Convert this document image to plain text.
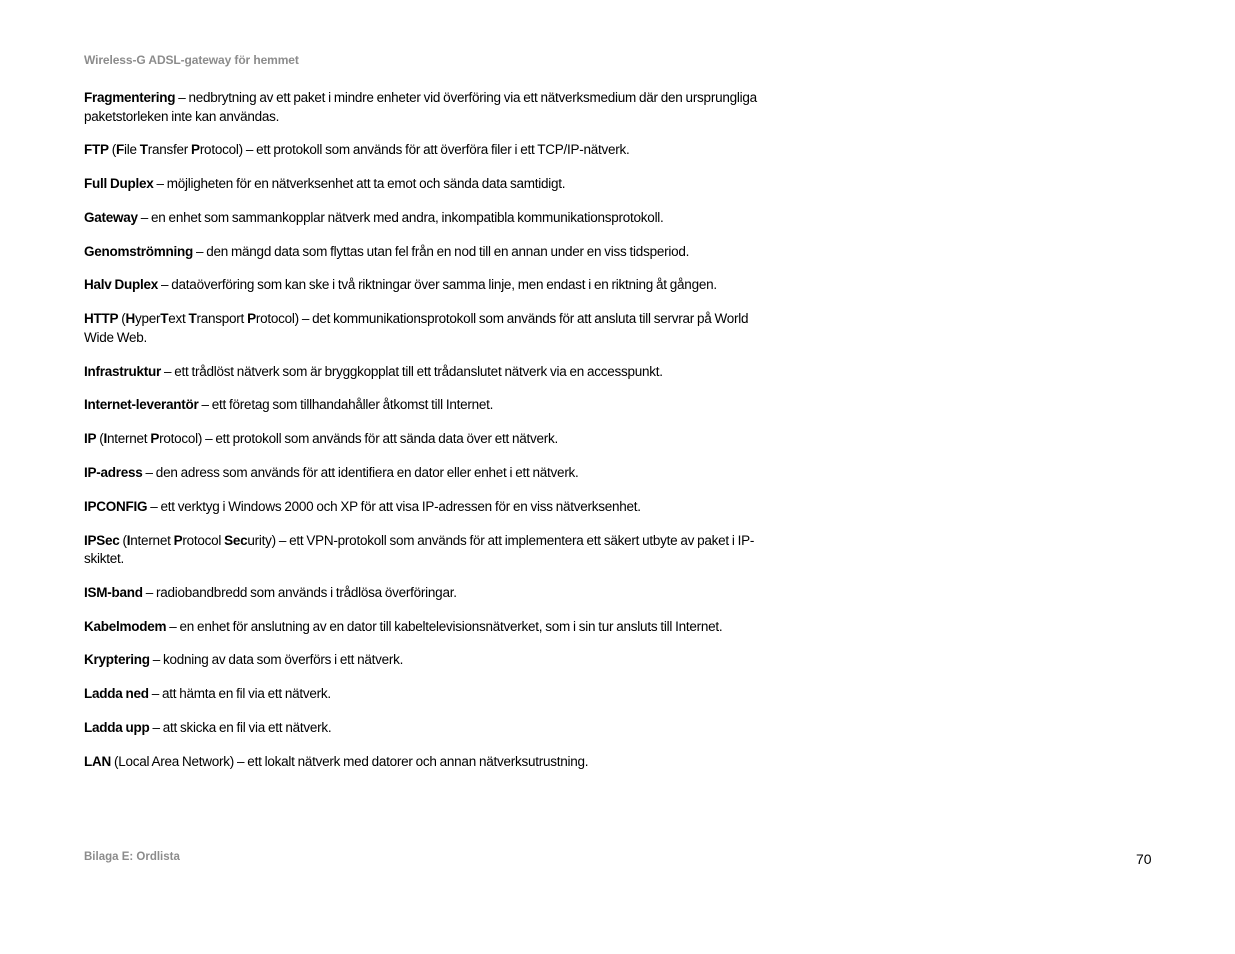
Wireless-G ADSL-gateway för hemmet

Fragmentering – nedbrytning av ett paket i mindre enheter vid överföring via ett nätverksmedium där den ursprungliga paketstorleken inte kan användas.

FTP (File Transfer Protocol) – ett protokoll som används för att överföra filer i ett TCP/IP-nätverk.

Full Duplex – möjligheten för en nätverksenhet att ta emot och sända data samtidigt.

Gateway – en enhet som sammankopplar nätverk med andra, inkompatibla kommunikationsprotokoll.

Genomströmning – den mängd data som flyttas utan fel från en nod till en annan under en viss tidsperiod.

Halv Duplex – dataöverföring som kan ske i två riktningar över samma linje, men endast i en riktning åt gången.

HTTP (HyperText Transport Protocol) – det kommunikationsprotokoll som används för att ansluta till servrar på World Wide Web.

Infrastruktur – ett trådlöst nätverk som är bryggkopplat till ett trådanslutet nätverk via en accesspunkt.

Internet-leverantör – ett företag som tillhandahåller åtkomst till Internet.

IP (Internet Protocol) – ett protokoll som används för att sända data över ett nätverk.

IP-adress – den adress som används för att identifiera en dator eller enhet i ett nätverk.

IPCONFIG – ett verktyg i Windows 2000 och XP för att visa IP-adressen för en viss nätverksenhet.

IPSec (Internet Protocol Security) – ett VPN-protokoll som används för att implementera ett säkert utbyte av paket i IP-skiktet.

ISM-band – radiobandbredd som används i trådlösa överföringar.

Kabelmodem – en enhet för anslutning av en dator till kabeltelevisionsnätverket, som i sin tur ansluts till Internet.

Kryptering – kodning av data som överförs i ett nätverk.

Ladda ned – att hämta en fil via ett nätverk.

Ladda upp – att skicka en fil via ett nätverk.

LAN (Local Area Network) – ett lokalt nätverk med datorer och annan nätverksutrustning.

Bilaga E: Ordlista	70
